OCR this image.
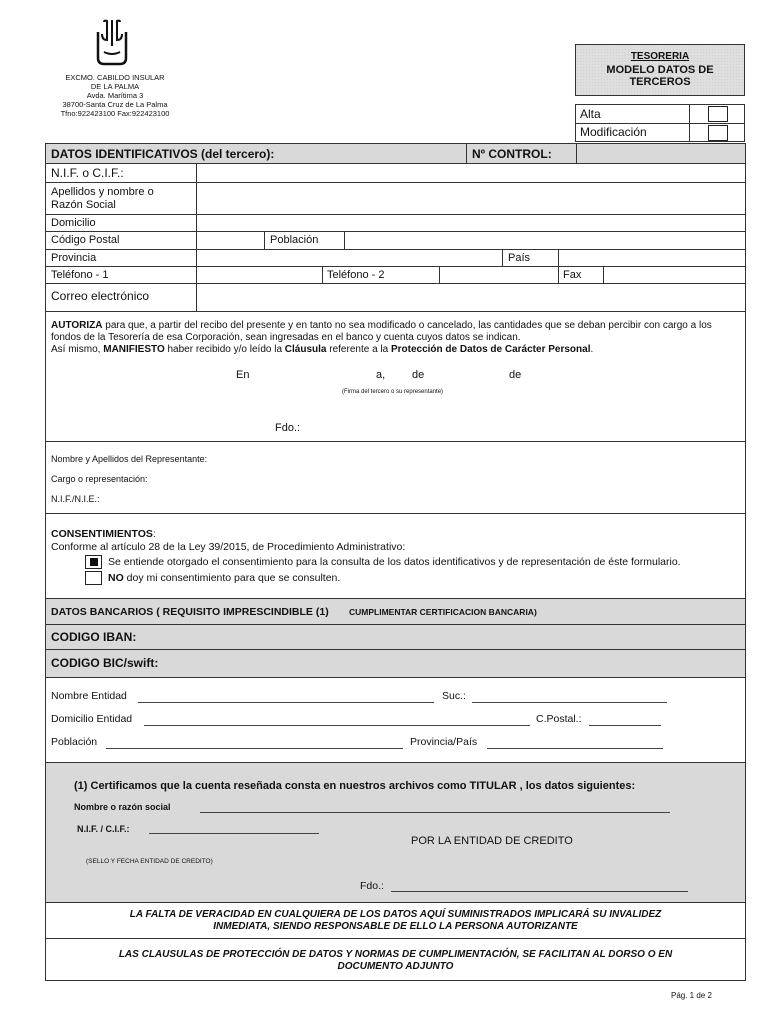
EXCMO. CABILDO INSULAR
DE LA PALMA
Avda. Marítima 3
38700-Santa Cruz de La Palma
Tfno:922423100 Fax:922423100
TESORERIA
MODELO DATOS DE
TERCEROS
Alta
Modificación
DATOS IDENTIFICATIVOS (del tercero):	Nº CONTROL:
N.I.F. o C.I.F.:
Apellidos y nombre o
Razón Social
Domicilio
Código Postal	Población
Provincia	País
Teléfono - 1	Teléfono - 2	Fax
Correo electrónico
AUTORIZA para que, a partir del recibo del presente y en tanto no sea modificado o cancelado, las cantidades que se deban percibir con cargo a los fondos de la Tesorería de esa Corporación, sean ingresadas en el banco y cuenta cuyos datos se indican.
Así mismo, MANIFIESTO haber recibido y/o leído la Cláusula referente a la Protección de Datos de Carácter Personal.
En	a, de	de
(Firma del tercero o su representante)
Fdo.:
Nombre y Apellidos del Representante:
Cargo o representación:
N.I.F./N.I.E.:
CONSENTIMIENTOS:
Conforme al artículo 28 de la Ley 39/2015, de Procedimiento Administrativo:
Se entiende otorgado el consentimiento para la consulta de los datos identificativos y de representación de éste formulario.
NO doy mi consentimiento para que se consulten.
DATOS BANCARIOS ( REQUISITO IMPRESCINDIBLE (1) CUMPLIMENTAR CERTIFICACION BANCARIA)
CODIGO IBAN:
CODIGO BIC/swift:
Nombre Entidad	Suc.:
Domicilio Entidad	C.Postal.:
Población	Provincia/País
(1) Certificamos que la cuenta reseñada consta en nuestros archivos como TITULAR , los datos siguientes:
Nombre o razón social
N.I.F. / C.I.F.:
POR LA ENTIDAD DE CREDITO
(SELLO Y FECHA ENTIDAD DE CREDITO)
Fdo.:
LA FALTA DE VERACIDAD EN CUALQUIERA DE LOS DATOS AQUÍ SUMINISTRADOS IMPLICARÁ SU INVALIDEZ
INMEDIATA, SIENDO RESPONSABLE DE ELLO LA PERSONA AUTORIZANTE
LAS CLAUSULAS DE PROTECCIÓN DE DATOS Y NORMAS DE CUMPLIMENTACIÓN, SE FACILITAN AL DORSO O EN
DOCUMENTO ADJUNTO
Pág. 1 de 2
